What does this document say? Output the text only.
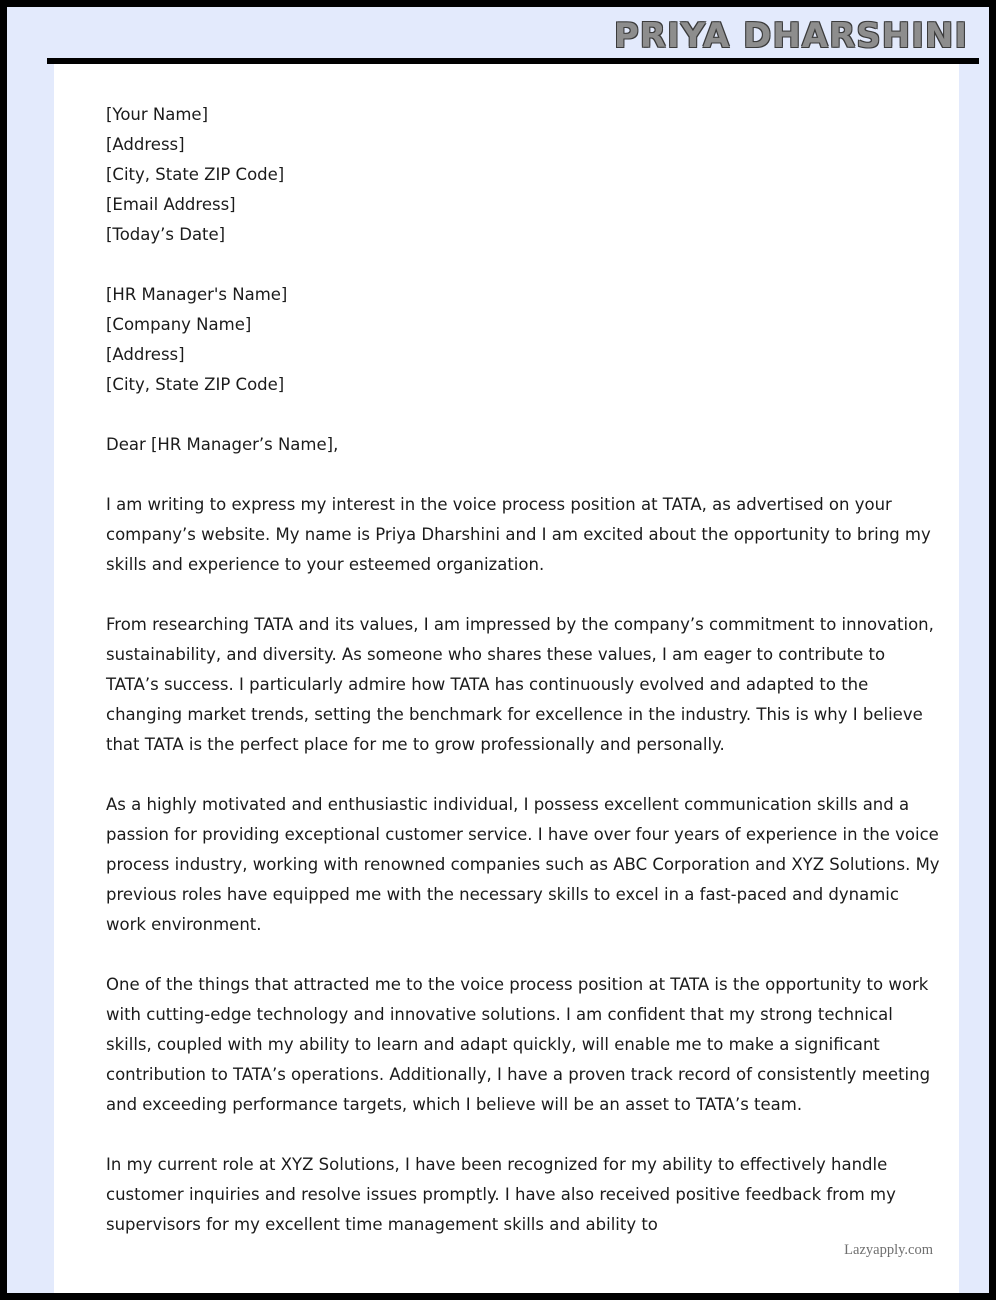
PRIYA DHARSHINI
[Your Name]
[Address]
[City, State ZIP Code]
[Email Address]
[Today’s Date]
[HR Manager's Name]
[Company Name]
[Address]
[City, State ZIP Code]
Dear [HR Manager’s Name],

I am writing to express my interest in the voice process position at TATA, as advertised on your company’s website. My name is Priya Dharshini and I am excited about the opportunity to bring my skills and experience to your esteemed organization.

From researching TATA and its values, I am impressed by the company’s commitment to innovation, sustainability, and diversity. As someone who shares these values, I am eager to contribute to TATA’s success. I particularly admire how TATA has continuously evolved and adapted to the changing market trends, setting the benchmark for excellence in the industry. This is why I believe that TATA is the perfect place for me to grow professionally and personally.

As a highly motivated and enthusiastic individual, I possess excellent communication skills and a passion for providing exceptional customer service. I have over four years of experience in the voice process industry, working with renowned companies such as ABC Corporation and XYZ Solutions. My previous roles have equipped me with the necessary skills to excel in a fast-paced and dynamic work environment.

One of the things that attracted me to the voice process position at TATA is the opportunity to work with cutting-edge technology and innovative solutions. I am confident that my strong technical skills, coupled with my ability to learn and adapt quickly, will enable me to make a significant contribution to TATA’s operations. Additionally, I have a proven track record of consistently meeting and exceeding performance targets, which I believe will be an asset to TATA’s team.

In my current role at XYZ Solutions, I have been recognized for my ability to effectively handle customer inquiries and resolve issues promptly. I have also received positive feedback from my supervisors for my excellent time management skills and ability to

Lazyapply.com
